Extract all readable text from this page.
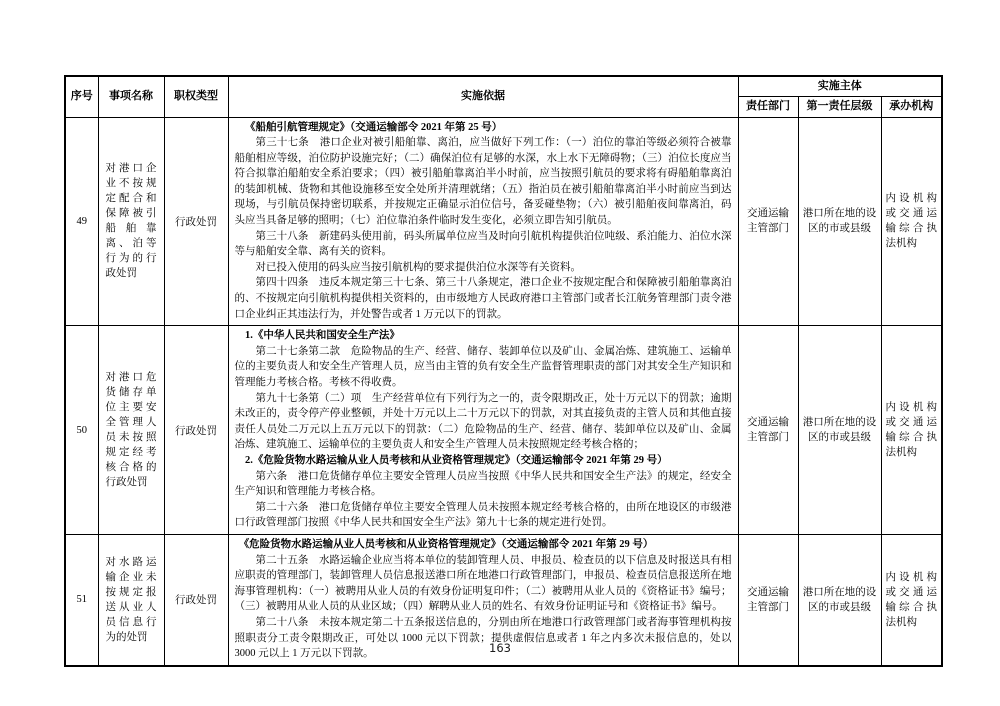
序号	事项名称	职权类型	实施依据	实施主体		
				责任部门	第一责任层级	承办机构
49	对港口企业不按规定配合和保障被引船舶靠离、泊等行为的行政处罚	行政处罚	《船舶引航管理规定》（交通运输部令 2021 年第 25 号）
第三十七条　港口企业对被引船舶靠、离泊，应当做好下列工作：（一）泊位的靠泊等级必须符合被靠船舶相应等级，泊位防护设施完好；（二）确保泊位有足够的水深，水上水下无障碍物；（三）泊位长度应当符合拟靠泊船舶安全系泊要求；（四）被引船舶靠离泊半小时前，应当按照引航员的要求将有碍船舶靠离泊的装卸机械、货物和其他设施移至安全处所并清理就绪；（五）指泊员在被引船舶靠离泊半小时前应当到达现场，与引航员保持密切联系，并按规定正确显示泊位信号，备妥碰垫物；（六）被引船舶夜间靠离泊，码头应当具备足够的照明；（七）泊位靠泊条件临时发生变化，必须立即告知引航员。
第三十八条　新建码头使用前，码头所属单位应当及时向引航机构提供泊位吨级、系泊能力、泊位水深等与船舶安全靠、离有关的资料。
对已投入使用的码头应当按引航机构的要求提供泊位水深等有关资料。
第四十四条　违反本规定第三十七条、第三十八条规定，港口企业不按规定配合和保障被引船舶靠离泊的、不按规定向引航机构提供相关资料的，由市级地方人民政府港口主管部门或者长江航务管理部门责令港口企业纠正其违法行为，并处警告或者 1 万元以下的罚款。	交通运输主管部门	港口所在地的设区的市或县级	内设机构或交通运输综合执法机构
50	对港口危货储存单位主要安全管理人员未按照规定经考核合格的行政处罚	行政处罚	
1.《中华人民共和国安全生产法》
第二十七条第二款　危险物品的生产、经营、储存、装卸单位以及矿山、金属冶炼、建筑施工、运输单位的主要负责人和安全生产管理人员，应当由主管的负有安全生产监督管理职责的部门对其安全生产知识和管理能力考核合格。考核不得收费。
第九十七条第（二）项　生产经营单位有下列行为之一的，责令限期改正，处十万元以下的罚款；逾期未改正的，责令停产停业整顿，并处十万元以上二十万元以下的罚款，对其直接负责的主管人员和其他直接责任人员处二万元以上五万元以下的罚款：（二）危险物品的生产、经营、储存、装卸单位以及矿山、金属冶炼、建筑施工、运输单位的主要负责人和安全生产管理人员未按照规定经考核合格的；
2.《危险货物水路运输从业人员考核和从业资格管理规定》（交通运输部令 2021 年第 29 号）
第六条　港口危货储存单位主要安全管理人员应当按照《中华人民共和国安全生产法》的规定，经安全生产知识和管理能力考核合格。
第二十六条　港口危货储存单位主要安全管理人员未按照本规定经考核合格的，由所在地设区的市级港口行政管理部门按照《中华人民共和国安全生产法》第九十七条的规定进行处罚。
	交通运输主管部门	港口所在地的设区的市或县级	内设机构或交通运输综合执法机构
51	对水路运输企业未按规定报送从业人员信息行为的处罚	行政处罚	《危险货物水路运输从业人员考核和从业资格管理规定》（交通运输部令 2021 年第 29 号）
第二十五条　水路运输企业应当将本单位的装卸管理人员、申报员、检查员的以下信息及时报送具有相应职责的管理部门，装卸管理人员信息报送港口所在地港口行政管理部门，申报员、检查员信息报送所在地海事管理机构：（一）被聘用从业人员的有效身份证明复印件；（二）被聘用从业人员的《资格证书》编号；（三）被聘用从业人员的从业区域；（四）解聘从业人员的姓名、有效身份证明证号和《资格证书》编号。
第二十八条　未按本规定第二十五条报送信息的，分别由所在地港口行政管理部门或者海事管理机构按照职责分工责令限期改正，可处以 1000 元以下罚款；提供虚假信息或者 1 年之内多次未报信息的，处以 3000 元以上 1 万元以下罚款。	交通运输主管部门	港口所在地的设区的市或县级	内设机构或交通运输综合执法机构
163
